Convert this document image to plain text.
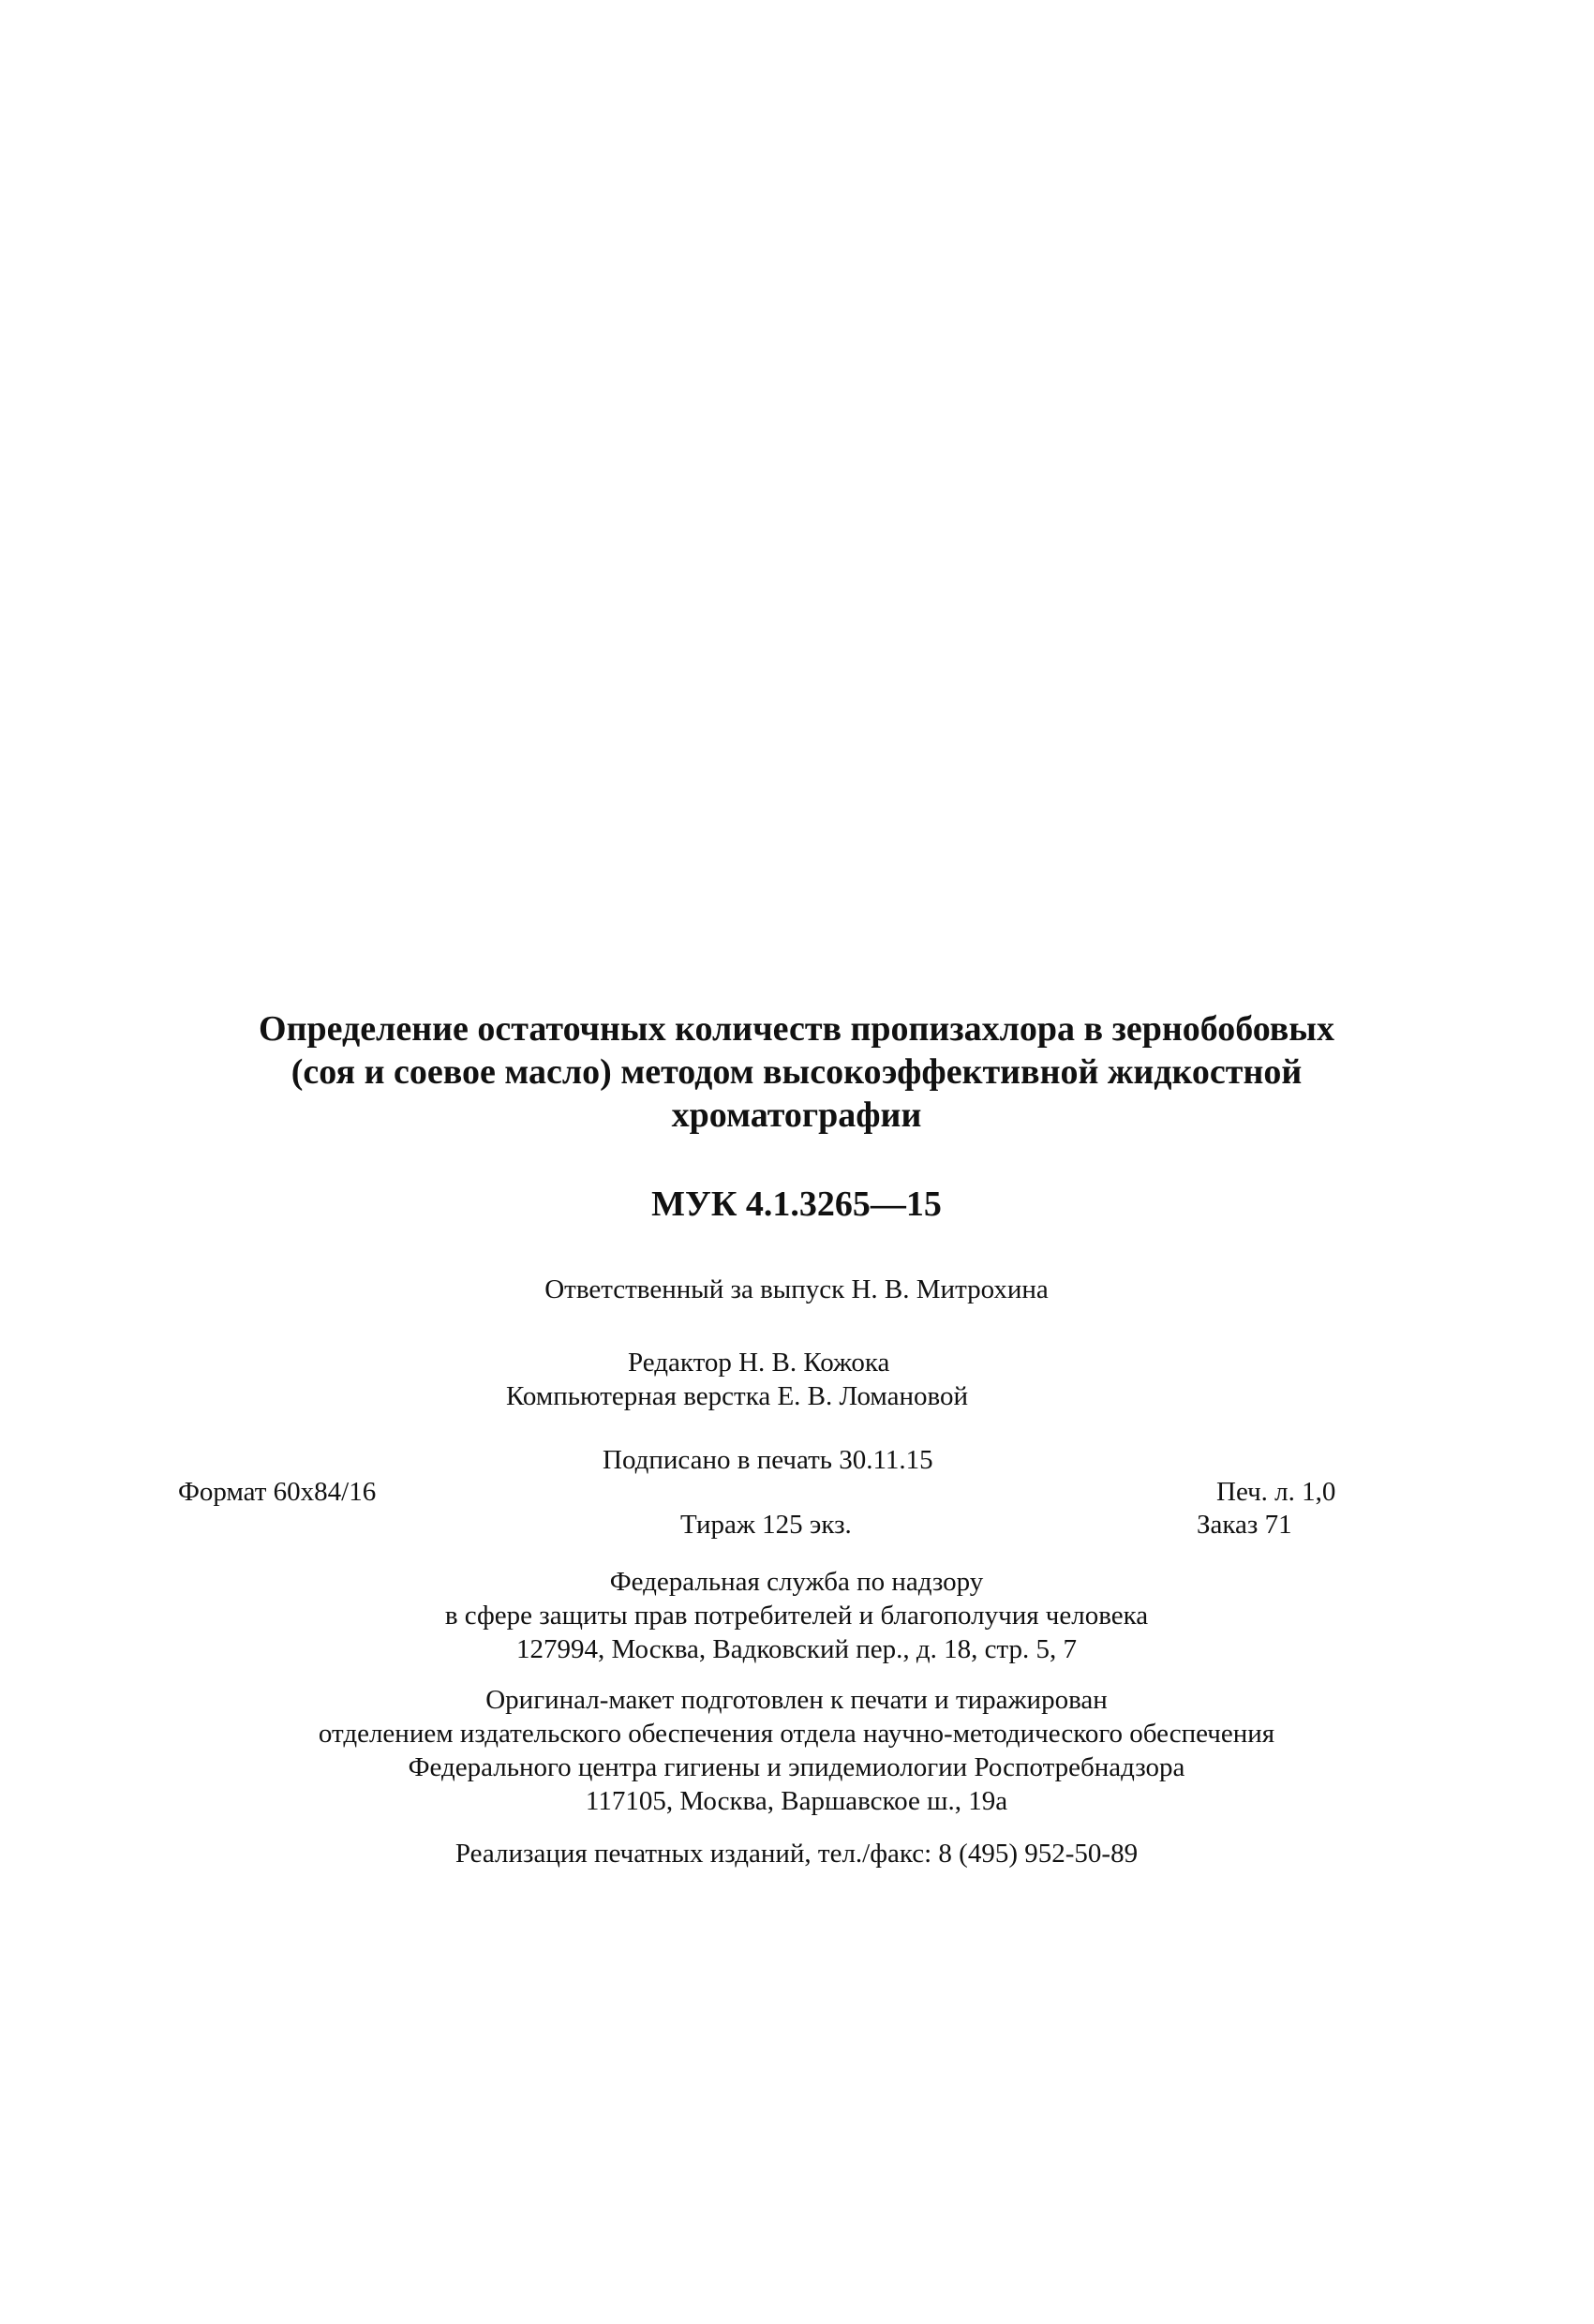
Определение остаточных количеств пропизахлора в зернобобовых
(соя и соевое масло) методом высокоэффективной жидкостной
хроматографии
МУК 4.1.3265—15
Ответственный за выпуск Н. В. Митрохина
Редактор Н. В. Кожока
Компьютерная верстка Е. В. Ломановой
Подписано в печать 30.11.15
Формат 60x84/16	Печ. л. 1,0
Тираж 125 экз.	Заказ 71
Федеральная служба по надзору
в сфере защиты прав потребителей и благополучия человека
127994, Москва, Вадковский пер., д. 18, стр. 5, 7
Оригинал-макет подготовлен к печати и тиражирован
отделением издательского обеспечения отдела научно-методического обеспечения
Федерального центра гигиены и эпидемиологии Роспотребнадзора
117105, Москва, Варшавское ш., 19а
Реализация печатных изданий, тел./факс: 8 (495) 952-50-89
